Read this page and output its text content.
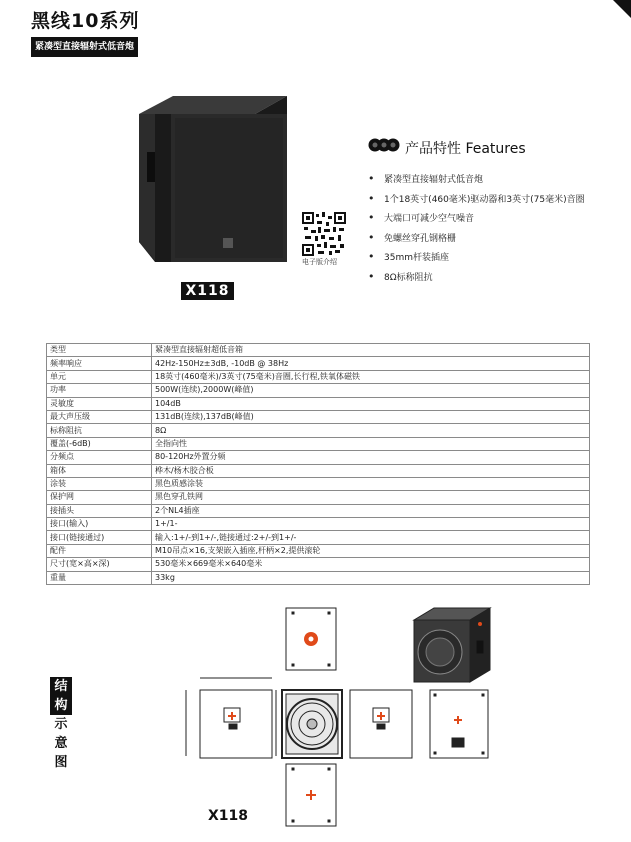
黑线10系列
紧凑型直接辐射式低音炮
电子版介绍
X118
产品特性 Features
• 紧凑型直接辐射式低音炮
• 1个18英寸(460毫米)驱动器和3英寸(75毫米)音圈
• 大端口可减少空气噪音
• 免螺丝穿孔钢格栅
• 35mm杆装插座
• 8Ω标称阻抗
类型	紧凑型直接辐射超低音箱
频率响应	42Hz-150Hz±3dB, -10dB @ 38Hz
单元	18英寸(460毫米)/3英寸(75毫米)音圈,长行程,铁氧体磁铁
功率	500W(连续),2000W(峰值)
灵敏度	104dB
最大声压级	131dB(连续),137dB(峰值)
标称阻抗	8Ω
覆盖(-6dB)	全指向性
分频点	80-120Hz外置分频
箱体	桦木/杨木胶合板
涂装	黑色质感涂装
保护网	黑色穿孔铁网
接插头	2个NL4插座
接口(输入)	1+/1-
接口(链接通过)	输入:1+/-到1+/-,链接通过:2+/-到1+/-
配件	M10吊点×16,支架嵌入插座,杆柄×2,提供滚轮
尺寸(宽×高×深)	530毫米×669毫米×640毫米
重量	33kg
结
构
示
意
图
X118
